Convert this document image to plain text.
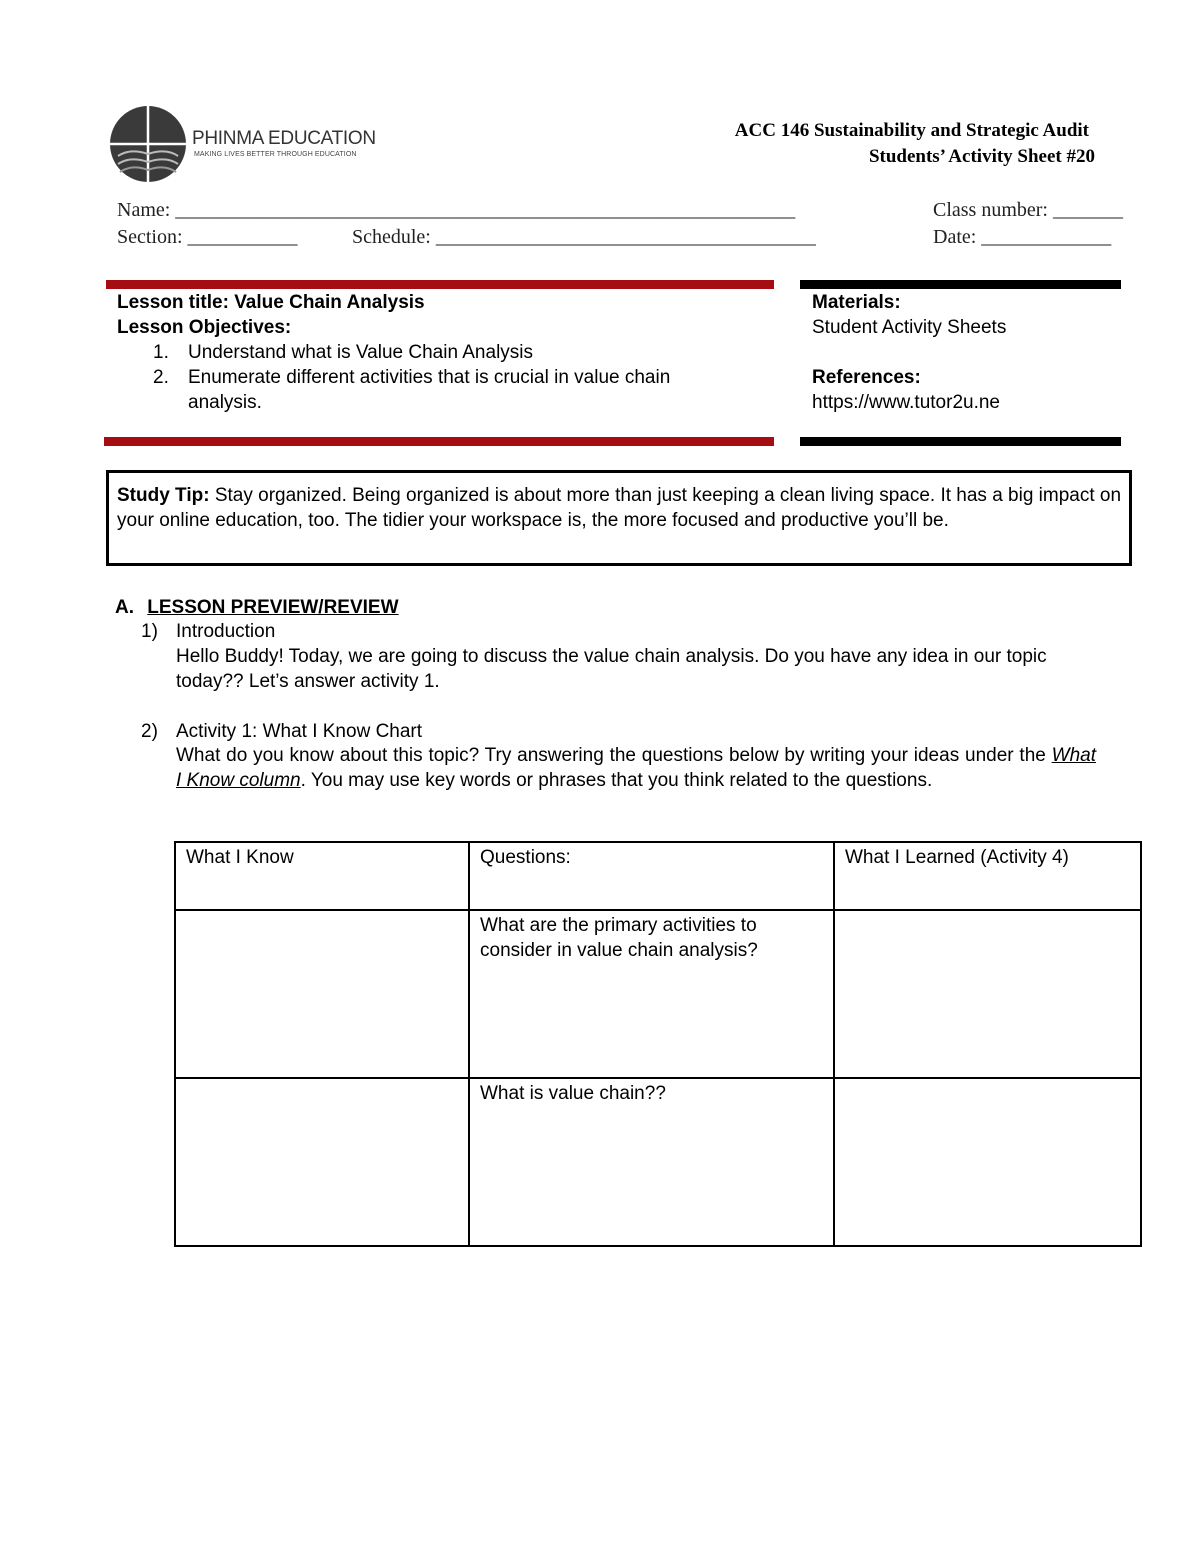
PHINMA EDUCATION
MAKING LIVES BETTER THROUGH EDUCATION
ACC 146 Sustainability and Strategic Audit
Students’ Activity Sheet #20
Name: ______________________________________________________________	Class number: _______
Section: ___________	Schedule: ______________________________________	Date: _____________
Lesson title: Value Chain Analysis
Lesson Objectives:
1. Understand what is Value Chain Analysis
2. Enumerate different activities that is crucial in value chain
analysis.
Materials:
Student Activity Sheets
References:
https://www.tutor2u.ne
Study Tip: Stay organized. Being organized is about more than just keeping a clean living space. It has a big impact on your online education, too. The tidier your workspace is, the more focused and productive you’ll be.
A. LESSON PREVIEW/REVIEW
1) Introduction
Hello Buddy! Today, we are going to discuss the value chain analysis. Do you have any idea in our topic today?? Let’s answer activity 1.
2) Activity 1: What I Know Chart
What do you know about this topic? Try answering the questions below by writing your ideas under the What I Know column. You may use key words or phrases that you think related to the questions.
What I Know	Questions:	What I Learned (Activity 4)
	What are the primary activities to consider in value chain analysis?	
	What is value chain??	
